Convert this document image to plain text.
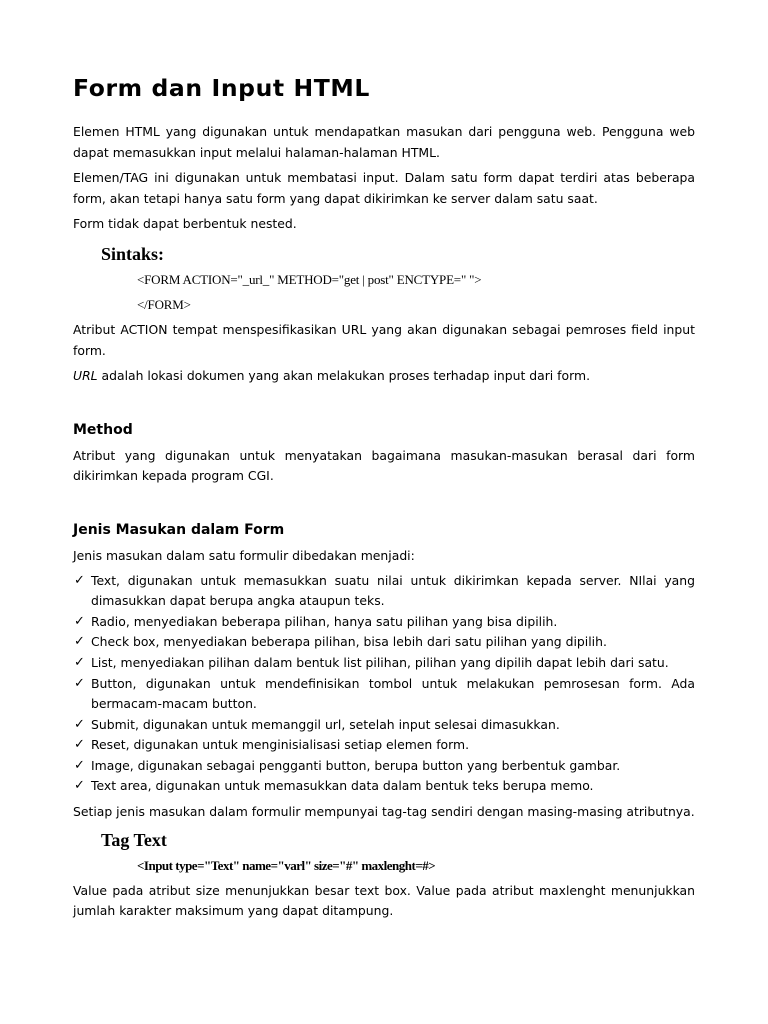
Form dan Input HTML

Elemen HTML yang digunakan untuk mendapatkan masukan dari pengguna web. Pengguna web dapat memasukkan input melalui halaman-halaman HTML.

Elemen/TAG ini digunakan untuk membatasi input. Dalam satu form dapat terdiri atas beberapa form, akan tetapi hanya satu form yang dapat dikirimkan ke server dalam satu saat.

Form tidak dapat berbentuk nested.

Sintaks:
<FORM ACTION="_url_" METHOD="get | post" ENCTYPE=" ">
</FORM>

Atribut ACTION tempat menspesifikasikan URL yang akan digunakan sebagai pemroses field input form.

URL adalah lokasi dokumen yang akan melakukan proses terhadap input dari form.

Method

Atribut yang digunakan untuk menyatakan bagaimana masukan-masukan berasal dari form dikirimkan kepada program CGI.

Jenis Masukan dalam Form

Jenis masukan dalam satu formulir dibedakan menjadi:

✓ Text, digunakan untuk memasukkan suatu nilai untuk dikirimkan kepada server. NIlai yang dimasukkan dapat berupa angka ataupun teks.
✓ Radio, menyediakan beberapa pilihan, hanya satu pilihan yang bisa dipilih.
✓ Check box, menyediakan beberapa pilihan, bisa lebih dari satu pilihan yang dipilih.
✓ List, menyediakan pilihan dalam bentuk list pilihan, pilihan yang dipilih dapat lebih dari satu.
✓ Button, digunakan untuk mendefinisikan tombol untuk melakukan pemrosesan form. Ada bermacam-macam button.
✓ Submit, digunakan untuk memanggil url, setelah input selesai dimasukkan.
✓ Reset, digunakan untuk menginisialisasi setiap elemen form.
✓ Image, digunakan sebagai pengganti button, berupa button yang berbentuk gambar.
✓ Text area, digunakan untuk memasukkan data dalam bentuk teks berupa memo.

Setiap jenis masukan dalam formulir mempunyai tag-tag sendiri dengan masing-masing atributnya.

Tag Text
<Input type="Text" name="varl" size="#" maxlenght=#>

Value pada atribut size menunjukkan besar text box. Value pada atribut maxlenght menunjukkan jumlah karakter maksimum yang dapat ditampung.
